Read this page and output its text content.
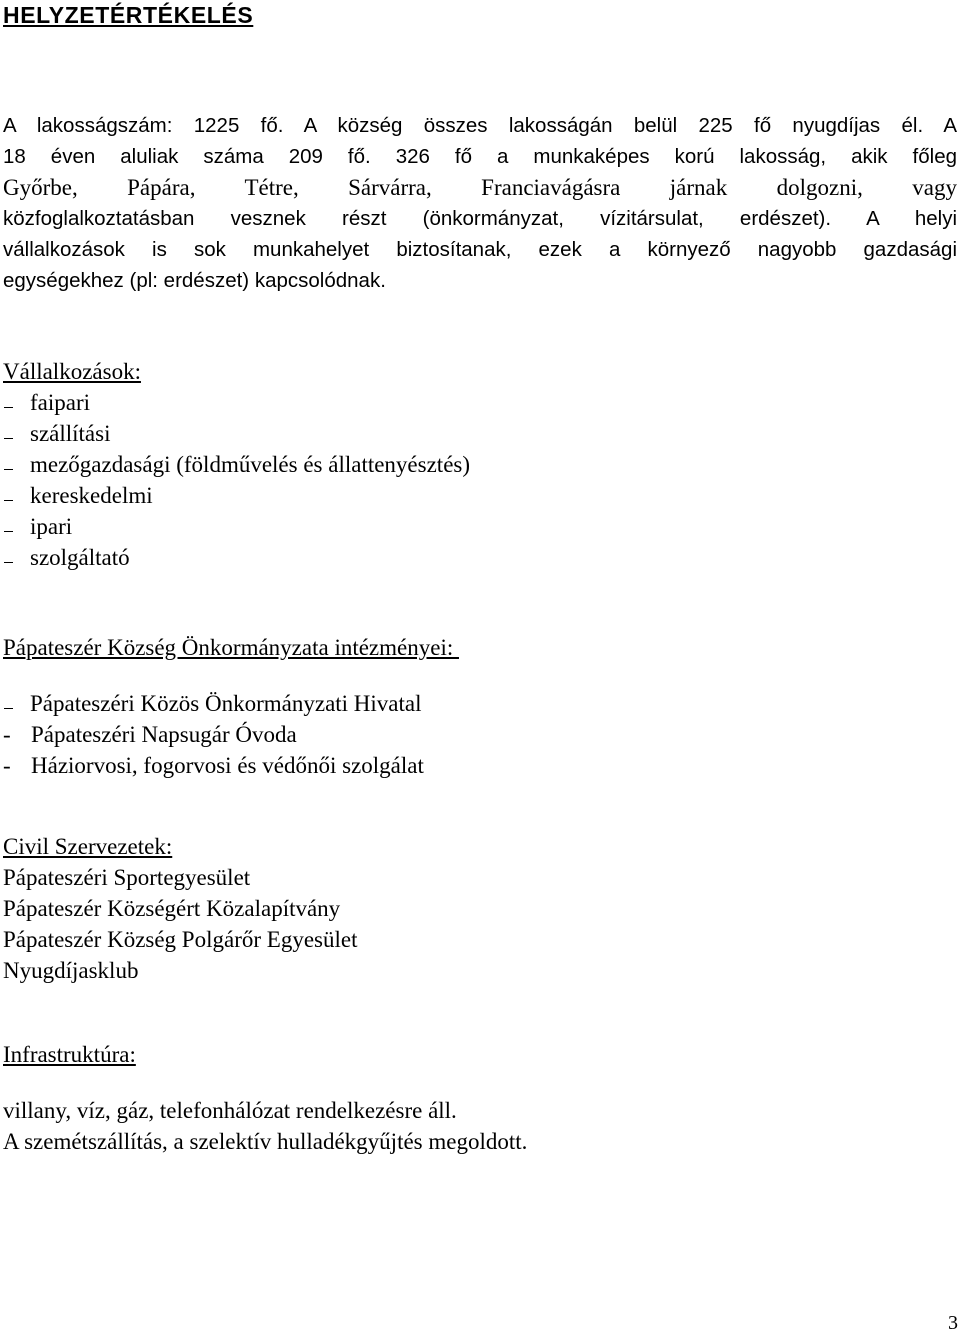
HELYZETÉRTÉKELÉS
A lakosságszám: 1225 fő. A község összes lakosságán belül 225 fő nyugdíjas él. A
18 éven aluliak száma 209 fő. 326 fő a munkaképes korú lakosság, akik főleg
Győrbe, Pápára, Tétre, Sárvárra, Franciavágásra járnak dolgozni, vagy
közfoglalkoztatásban vesznek részt (önkormányzat, vízitársulat, erdészet). A helyi
vállalkozások is sok munkahelyet biztosítanak, ezek a környező nagyobb gazdasági
egységekhez (pl: erdészet) kapcsolódnak.
Vállalkozások:
faipari
szállítási
mezőgazdasági (földművelés és állattenyésztés)
kereskedelmi
ipari
szolgáltató
Pápateszér Község Önkormányzata intézményei:
Pápateszéri Közös Önkormányzati Hivatal
- Pápateszéri Napsugár Óvoda
- Háziorvosi, fogorvosi és védőnői szolgálat
Civil Szervezetek:
Pápateszéri Sportegyesület
Pápateszér Községért Közalapítvány
Pápateszér Község Polgárőr Egyesület
Nyugdíjasklub
Infrastruktúra:
villany, víz, gáz, telefonhálózat rendelkezésre áll.
A szemétszállítás, a szelektív hulladékgyűjtés megoldott.
3
